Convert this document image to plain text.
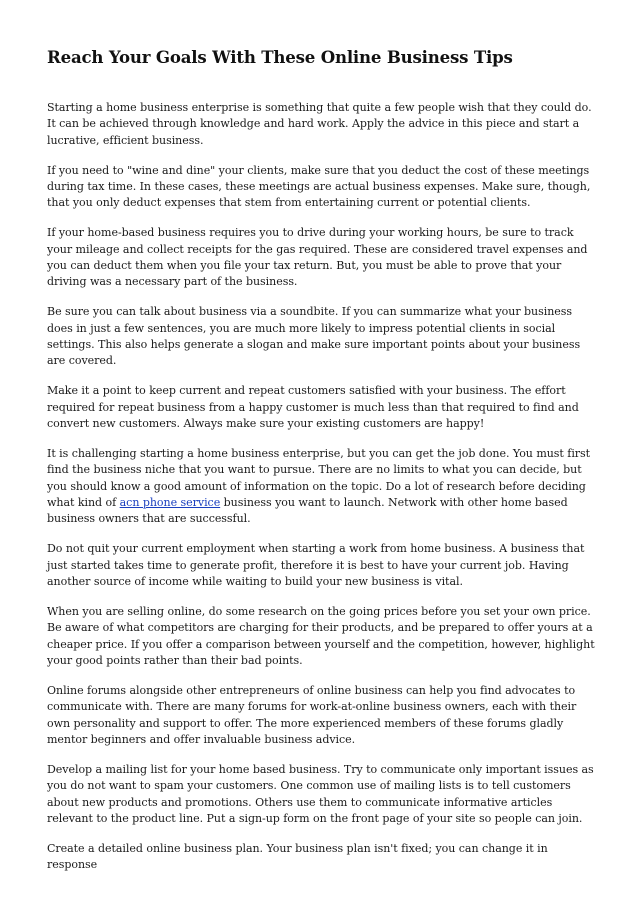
Reach Your Goals With These Online Business Tips

Starting a home business enterprise is something that quite a few people wish that they could do. It can be achieved through knowledge and hard work. Apply the advice in this piece and start a lucrative, efficient business.

If you need to "wine and dine" your clients, make sure that you deduct the cost of these meetings during tax time. In these cases, these meetings are actual business expenses. Make sure, though, that you only deduct expenses that stem from entertaining current or potential clients.

If your home-based business requires you to drive during your working hours, be sure to track your mileage and collect receipts for the gas required. These are considered travel expenses and you can deduct them when you file your tax return. But, you must be able to prove that your driving was a necessary part of the business.

Be sure you can talk about business via a soundbite. If you can summarize what your business does in just a few sentences, you are much more likely to impress potential clients in social settings. This also helps generate a slogan and make sure important points about your business are covered.

Make it a point to keep current and repeat customers satisfied with your business. The effort required for repeat business from a happy customer is much less than that required to find and convert new customers. Always make sure your existing customers are happy!

It is challenging starting a home business enterprise, but you can get the job done. You must first find the business niche that you want to pursue. There are no limits to what you can decide, but you should know a good amount of information on the topic. Do a lot of research before deciding what kind of acn phone service business you want to launch. Network with other home based business owners that are successful.

Do not quit your current employment when starting a work from home business. A business that just started takes time to generate profit, therefore it is best to have your current job. Having another source of income while waiting to build your new business is vital.

When you are selling online, do some research on the going prices before you set your own price. Be aware of what competitors are charging for their products, and be prepared to offer yours at a cheaper price. If you offer a comparison between yourself and the competition, however, highlight your good points rather than their bad points.

Online forums alongside other entrepreneurs of online business can help you find advocates to communicate with. There are many forums for work-at-online business owners, each with their own personality and support to offer. The more experienced members of these forums gladly mentor beginners and offer invaluable business advice.

Develop a mailing list for your home based business. Try to communicate only important issues as you do not want to spam your customers. One common use of mailing lists is to tell customers about new products and promotions. Others use them to communicate informative articles relevant to the product line. Put a sign-up form on the front page of your site so people can join.

Create a detailed online business plan. Your business plan isn't fixed; you can change it in response
